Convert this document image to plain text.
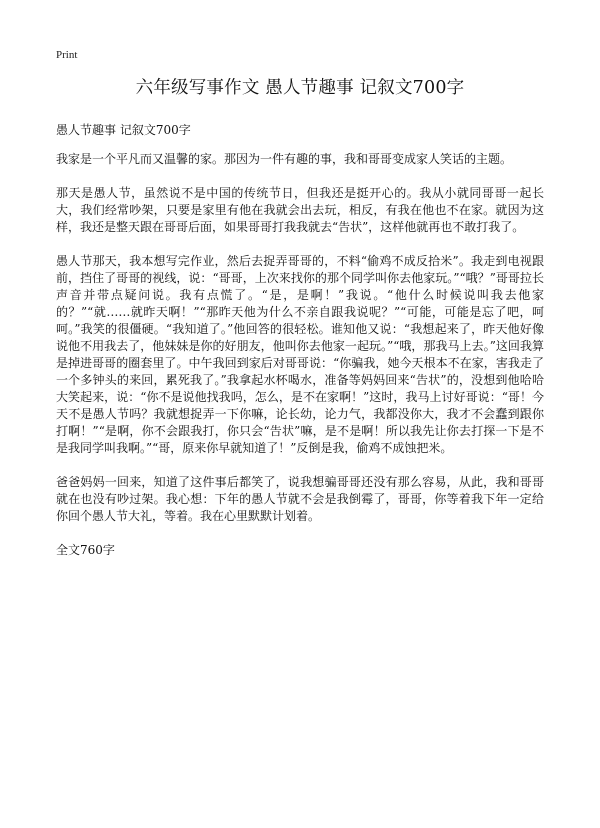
Print
六年级写事作文 愚人节趣事 记叙文700字

愚人节趣事 记叙文700字

我家是一个平凡而又温馨的家。那因为一件有趣的事，我和哥哥变成家人笑话的主题。

那天是愚人节，虽然说不是中国的传统节日，但我还是挺开心的。我从小就同哥哥一起长大，我们经常吵架，只要是家里有他在我就会出去玩，相反，有我在他也不在家。就因为这样，我还是整天跟在哥哥后面，如果哥哥打我我就去“告状”，这样他就再也不敢打我了。

愚人节那天，我本想写完作业，然后去捉弄哥哥的，不料“偷鸡不成反拾米”。我走到电视跟前，挡住了哥哥的视线，说：“哥哥，上次来找你的那个同学叫你去他家玩。”“哦？”哥哥拉长声音并带点疑问说。我有点慌了。“是，是啊！”我说。“他什么时候说叫我去他家的？”“就……就昨天啊！”“那昨天他为什么不亲自跟我说呢？”“可能，可能是忘了吧，呵呵。”我笑的很僵硬。“我知道了。”他回答的很轻松。谁知他又说：“我想起来了，昨天他好像说他不用我去了，他妹妹是你的好朋友，他叫你去他家一起玩。”“哦，那我马上去。”这回我算是掉进哥哥的圈套里了。中午我回到家后对哥哥说：“你骗我，她今天根本不在家，害我走了一个多钟头的来回，累死我了。”我拿起水杯喝水，准备等妈妈回来“告状”的，没想到他哈哈大笑起来，说：“你不是说他找我吗，怎么，是不在家啊！”这时，我马上讨好哥说：“哥！今天不是愚人节吗？我就想捉弄一下你嘛，论长幼，论力气，我都没你大，我才不会蠢到跟你打啊！”“是啊，你不会跟我打，你只会“告状”嘛，是不是啊！所以我先让你去打探一下是不是我同学叫我啊。”“哥，原来你早就知道了！”反倒是我，偷鸡不成蚀把米。

爸爸妈妈一回来，知道了这件事后都笑了，说我想骗哥哥还没有那么容易，从此，我和哥哥就在也没有吵过架。我心想：下年的愚人节就不会是我倒霉了，哥哥，你等着我下年一定给你回个愚人节大礼，等着。我在心里默默计划着。

全文760字
